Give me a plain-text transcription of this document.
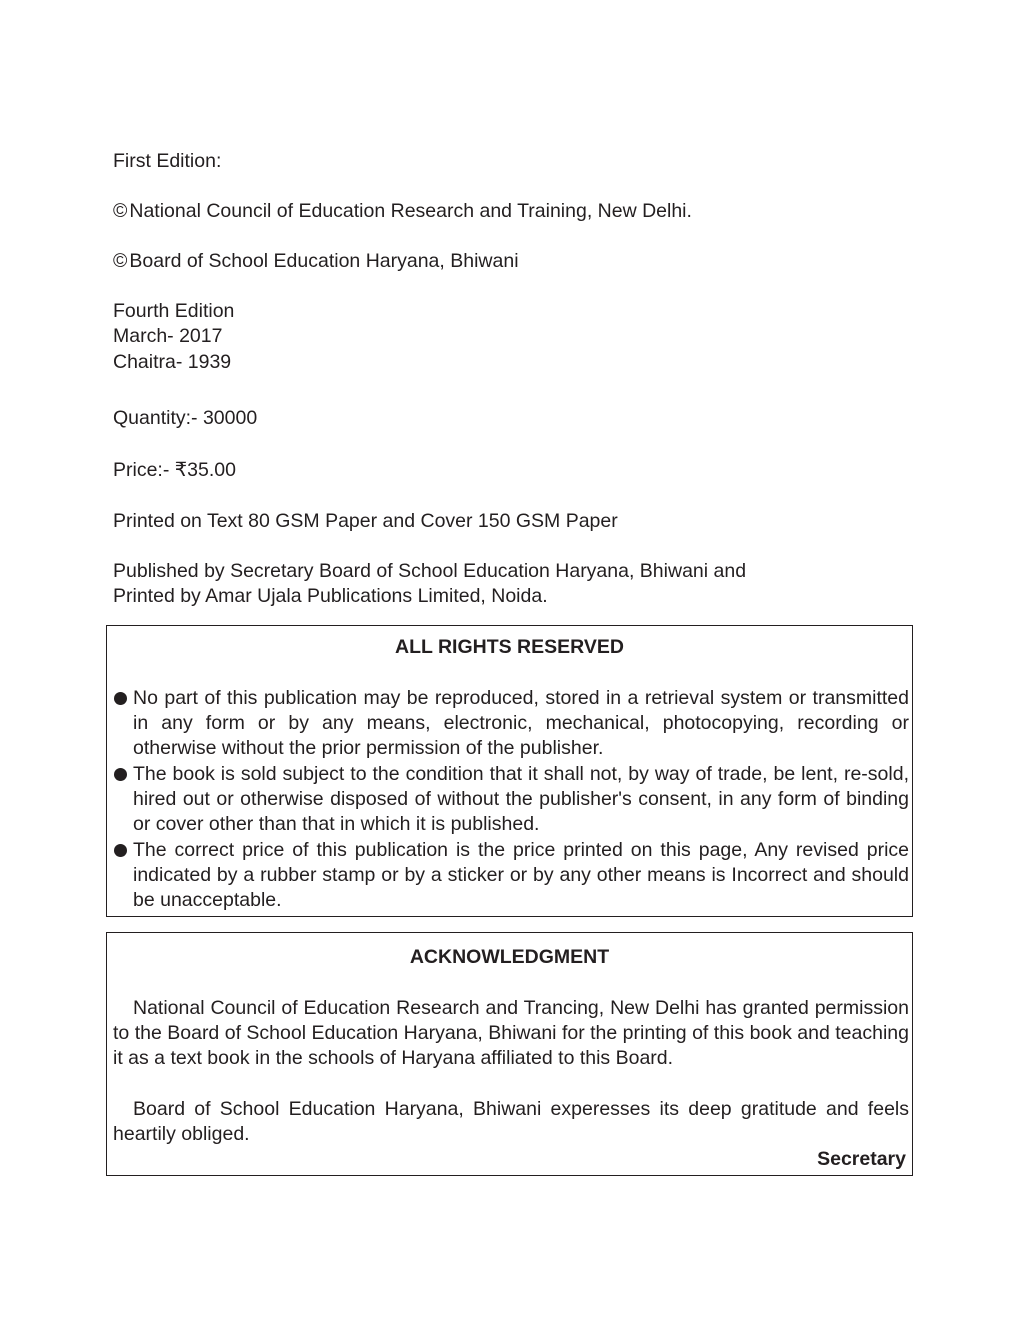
First Edition:
© National Council of Education Research and Training, New Delhi.
© Board of School Education Haryana, Bhiwani
Fourth Edition
March- 2017
Chaitra- 1939
Quantity:- 30000
Price:- ₹35.00
Printed on Text 80 GSM Paper and Cover 150 GSM Paper
Published by Secretary Board of School Education Haryana, Bhiwani and
Printed by Amar Ujala Publications Limited, Noida.
ALL RIGHTS RESERVED
No part of this publication may be reproduced, stored in a retrieval system or transmitted in any form or by any means, electronic, mechanical, photocopying, recording or otherwise without the prior permission of the publisher.
The book is sold subject to the condition that it shall not, by way of trade, be lent, re-sold, hired out or otherwise disposed of without the publisher's consent, in any form of binding or cover other than that in which it is published.
The correct price of this publication is the price printed on this page, Any revised price indicated by a rubber stamp or by a sticker or by any other means is Incorrect and should be unacceptable.
ACKNOWLEDGMENT
National Council of Education Research and Trancing, New Delhi has granted permission to the Board of School Education Haryana, Bhiwani for the printing of this book and teaching it as a text book in the schools of Haryana affiliated to this Board.
Board of School Education Haryana, Bhiwani experesses its deep gratitude and feels heartily obliged.
Secretary
